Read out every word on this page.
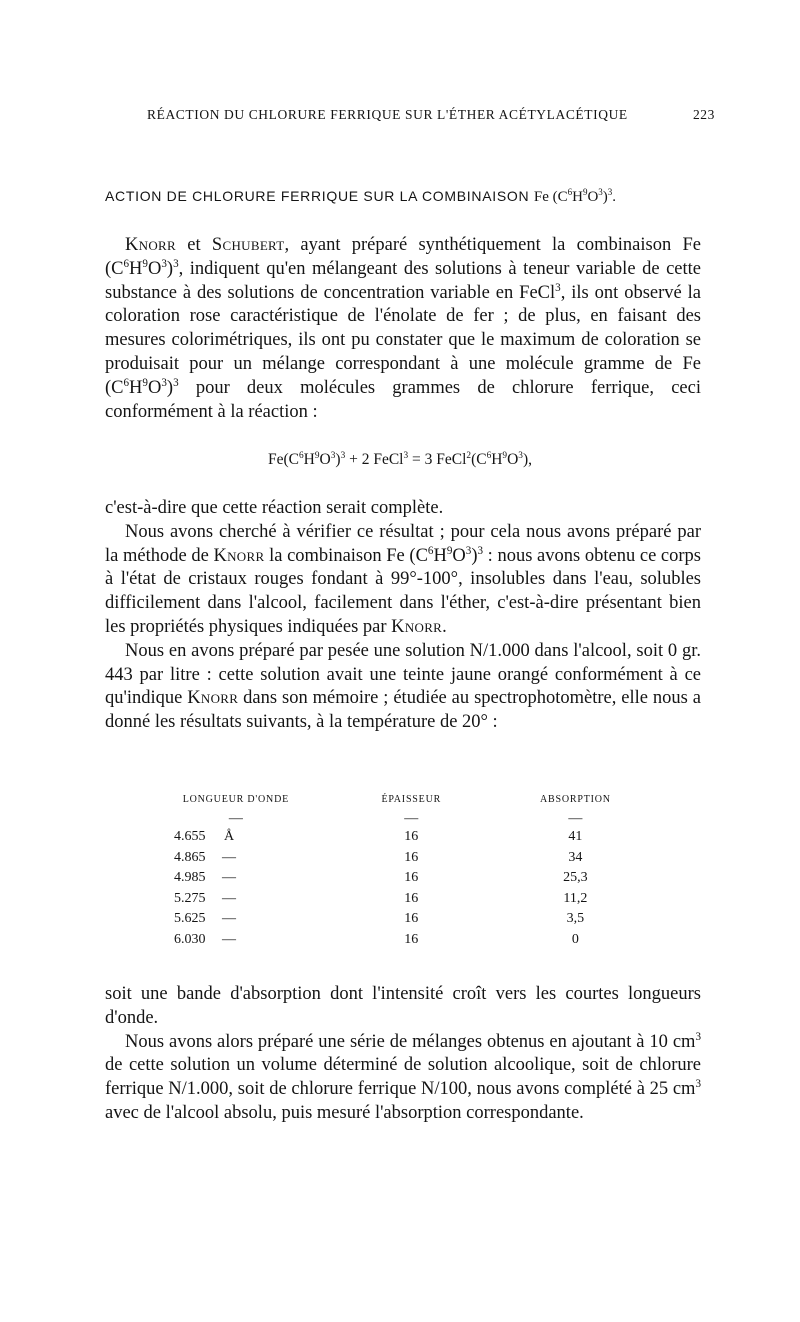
RÉACTION DU CHLORURE FERRIQUE SUR L'ÉTHER ACÉTYLACÉTIQUE	223
ACTION DE CHLORURE FERRIQUE SUR LA COMBINAISON Fe $(C^6H^9O^3)^3$.

Knorr et Schubert, ayant préparé synthétiquement la combinaison Fe $(C^6H^9O^3)^3$, indiquent qu'en mélangeant des solutions à teneur variable de cette substance à des solutions de concentration variable en FeCl$^3$, ils ont observé la coloration rose caractéristique de l'énolate de fer ; de plus, en faisant des mesures colorimétriques, ils ont pu constater que le maximum de coloration se produisait pour un mélange correspondant à une molécule gramme de Fe $(C^6H^9O^3)^3$ pour deux molécules grammes de chlorure ferrique, ceci conformément à la réaction :

$Fe(C^6H^9O^3)^3 + 2$ FeCl$^3$ = 3 $FeCl^2(C^6H^9O^3)$,

c'est-à-dire que cette réaction serait complète.

Nous avons cherché à vérifier ce résultat ; pour cela nous avons préparé par la méthode de Knorr la combinaison Fe $(C^6H^9O^3)^3$ : nous avons obtenu ce corps à l'état de cristaux rouges fondant à 99°-100°, insolubles dans l'eau, solubles difficilement dans l'alcool, facilement dans l'éther, c'est-à-dire présentant bien les propriétés physiques indiquées par Knorr.

Nous en avons préparé par pesée une solution N/1.000 dans l'alcool, soit 0 gr. 443 par litre : cette solution avait une teinte jaune orangé conformément à ce qu'indique Knorr dans son mémoire ; étudiée au spectrophotomètre, elle nous a donné les résultats suivants, à la température de 20° :

LONGUEUR D'ONDE	ÉPAISSEUR	ABSORPTION
—	—	—
4.655 Å	16	41
4.865 —	16	34
4.985 —	16	25,3
5.275 —	16	11,2
5.625 —	16	3,5
6.030 —	16	0

soit une bande d'absorption dont l'intensité croît vers les courtes longueurs d'onde.

Nous avons alors préparé une série de mélanges obtenus en ajoutant à 10 $cm^3$ de cette solution un volume déterminé de solution alcoolique, soit de chlorure ferrique N/1.000, soit de chlorure ferrique N/100, nous avons complété à 25 $cm^3$ avec de l'alcool absolu, puis mesuré l'absorption correspondante.
